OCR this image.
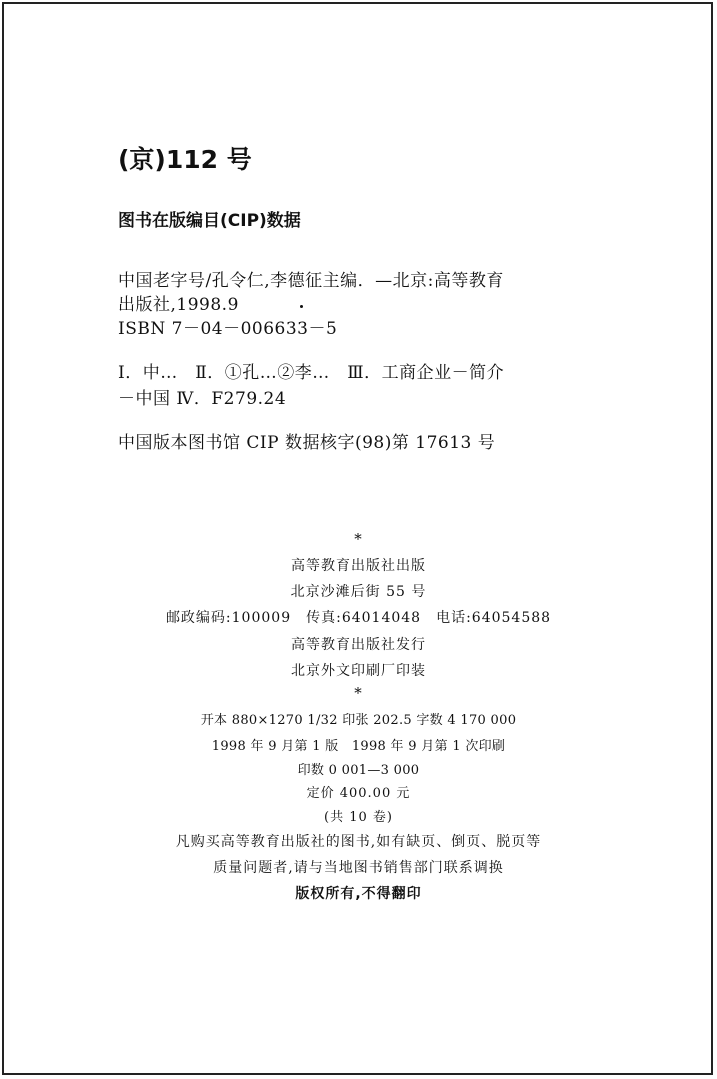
(京)112 号
图书在版编目(CIP)数据
中国老字号/孔令仁,李德征主编．—北京:高等教育
出版社,1998.9
ISBN 7－04－006633－5
Ⅰ．中…　Ⅱ．①孔…②李…　Ⅲ．工商企业－简介
－中国 Ⅳ．F279.24
中国版本图书馆 CIP 数据核字(98)第 17613 号
*
高等教育出版社出版
北京沙滩后街 55 号
邮政编码:100009　传真:64014048　电话:64054588
高等教育出版社发行
北京外文印刷厂印装
*
开本 880×1270 1/32 印张 202.5 字数 4 170 000
1998 年 9 月第 1 版　1998 年 9 月第 1 次印刷
印数 0 001—3 000
定价 400.00 元
(共 10 卷)
凡购买高等教育出版社的图书,如有缺页、倒页、脱页等
质量问题者,请与当地图书销售部门联系调换
版权所有,不得翻印
